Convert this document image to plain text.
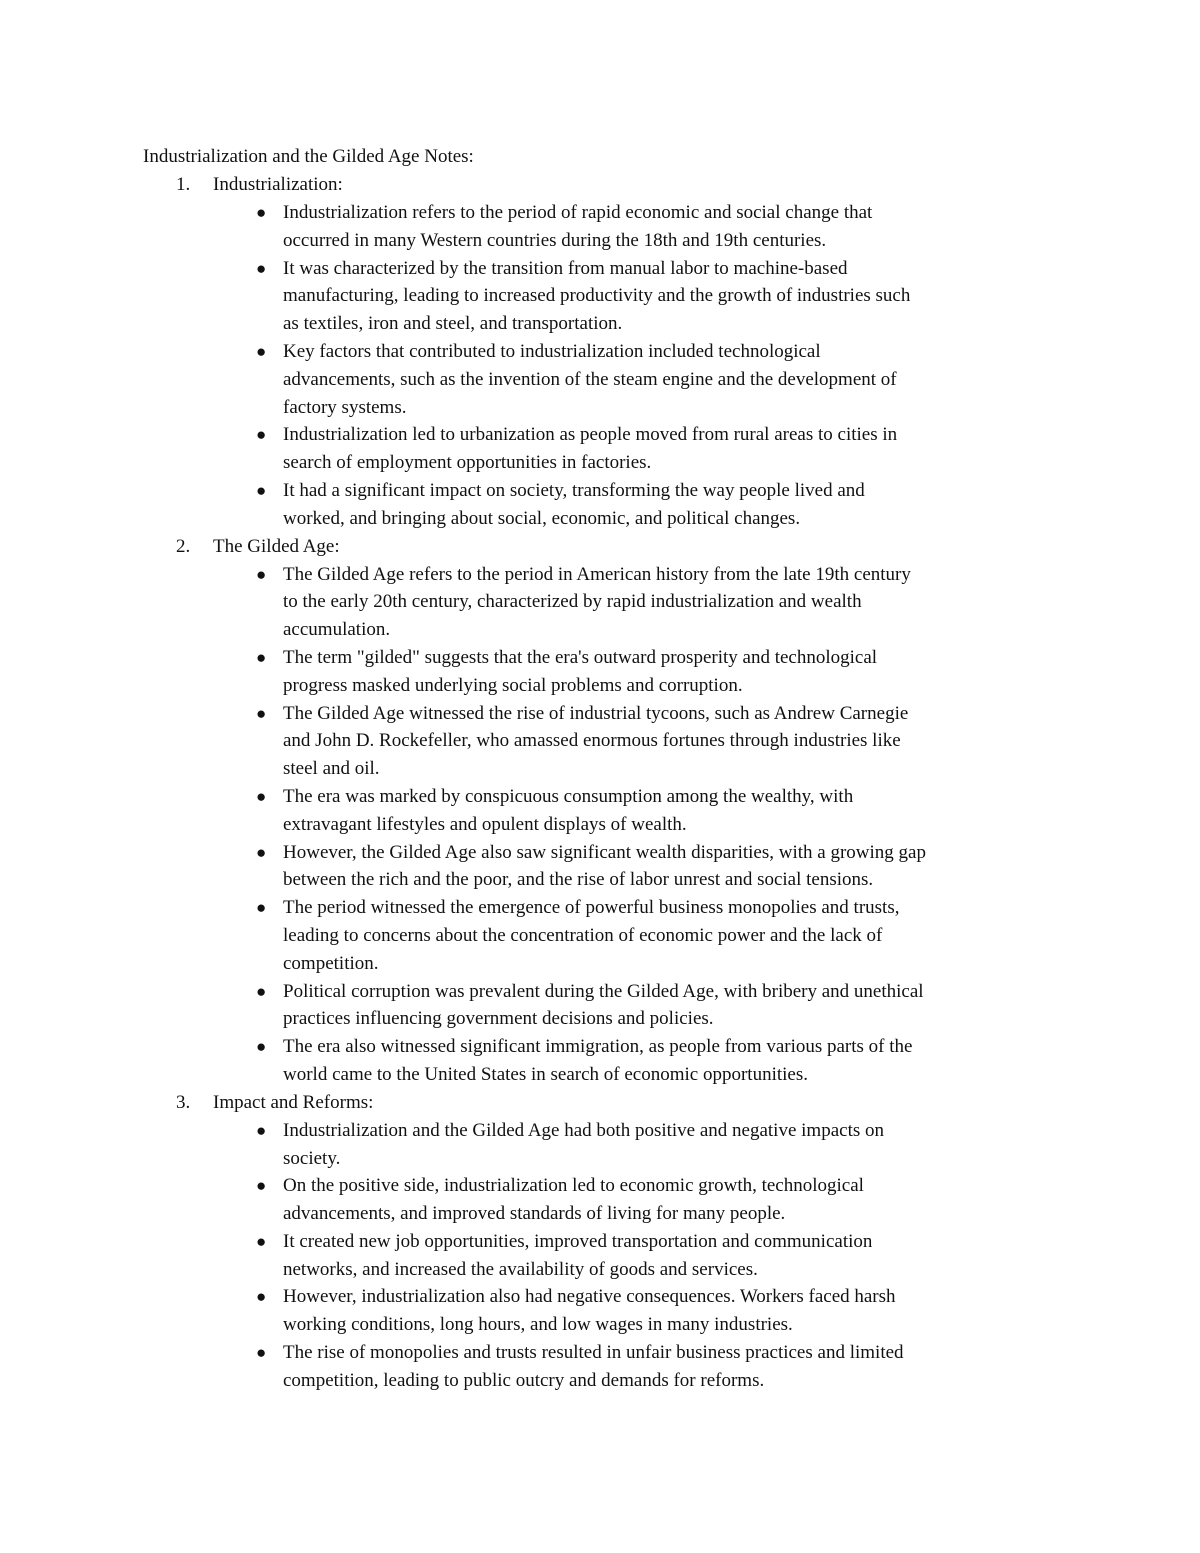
Industrialization and the Gilded Age Notes:
1. Industrialization:
● Industrialization refers to the period of rapid economic and social change that
occurred in many Western countries during the 18th and 19th centuries.
● It was characterized by the transition from manual labor to machine-based
manufacturing, leading to increased productivity and the growth of industries such
as textiles, iron and steel, and transportation.
● Key factors that contributed to industrialization included technological
advancements, such as the invention of the steam engine and the development of
factory systems.
● Industrialization led to urbanization as people moved from rural areas to cities in
search of employment opportunities in factories.
● It had a significant impact on society, transforming the way people lived and
worked, and bringing about social, economic, and political changes.
2. The Gilded Age:
● The Gilded Age refers to the period in American history from the late 19th century
to the early 20th century, characterized by rapid industrialization and wealth
accumulation.
● The term "gilded" suggests that the era's outward prosperity and technological
progress masked underlying social problems and corruption.
● The Gilded Age witnessed the rise of industrial tycoons, such as Andrew Carnegie
and John D. Rockefeller, who amassed enormous fortunes through industries like
steel and oil.
● The era was marked by conspicuous consumption among the wealthy, with
extravagant lifestyles and opulent displays of wealth.
● However, the Gilded Age also saw significant wealth disparities, with a growing gap
between the rich and the poor, and the rise of labor unrest and social tensions.
● The period witnessed the emergence of powerful business monopolies and trusts,
leading to concerns about the concentration of economic power and the lack of
competition.
● Political corruption was prevalent during the Gilded Age, with bribery and unethical
practices influencing government decisions and policies.
● The era also witnessed significant immigration, as people from various parts of the
world came to the United States in search of economic opportunities.
3. Impact and Reforms:
● Industrialization and the Gilded Age had both positive and negative impacts on
society.
● On the positive side, industrialization led to economic growth, technological
advancements, and improved standards of living for many people.
● It created new job opportunities, improved transportation and communication
networks, and increased the availability of goods and services.
● However, industrialization also had negative consequences. Workers faced harsh
working conditions, long hours, and low wages in many industries.
● The rise of monopolies and trusts resulted in unfair business practices and limited
competition, leading to public outcry and demands for reforms.
